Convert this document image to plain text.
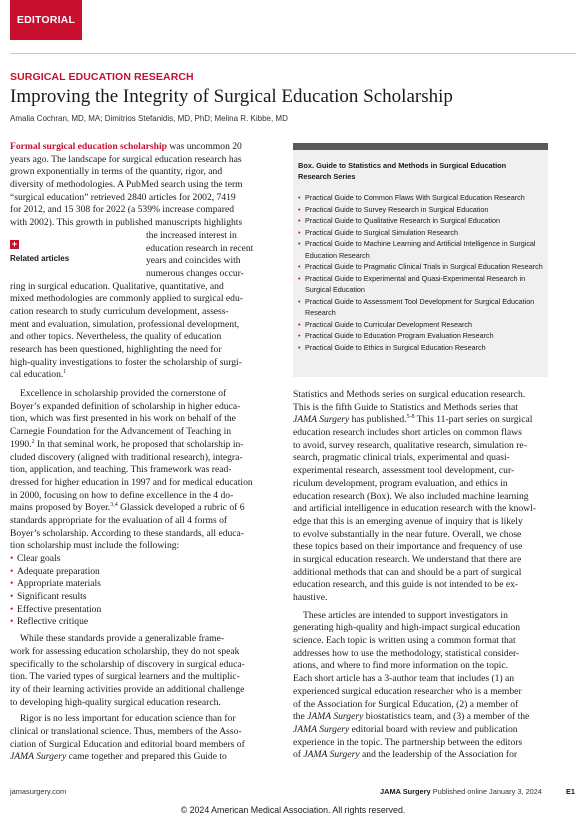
EDITORIAL
SURGICAL EDUCATION RESEARCH
Improving the Integrity of Surgical Education Scholarship
Amalia Cochran, MD, MA; Dimitrios Stefanidis, MD, PhD; Melina R. Kibbe, MD
Formal surgical education scholarship was uncommon 20
years ago. The landscape for surgical education research has
grown exponentially in terms of the quantity, rigor, and
diversity of methodologies. A PubMed search using the term
“surgical education” retrieved 2840 articles for 2002, 7419
for 2012, and 15 308 for 2022 (a 539% increase compared
with 2002). This growth in published manuscripts highlights
the increased interest in
education research in recent
years and coincides with
numerous changes occur-
ring in surgical education. Qualitative, quantitative, and
mixed methodologies are commonly applied to surgical edu-
cation research to study curriculum development, assess-
ment and evaluation, simulation, professional development,
and other topics. Nevertheless, the quality of education
research has been questioned, highlighting the need for
high-quality investigations to foster the scholarship of surgi-
cal education.$^1$
Excellence in scholarship provided the cornerstone of
Boyer’s expanded definition of scholarship in higher educa-
tion, which was first presented in his work on behalf of the
Carnegie Foundation for the Advancement of Teaching in
1990.$^2$ In that seminal work, he proposed that scholarship in-
cluded discovery (aligned with traditional research), integra-
tion, application, and teaching. This framework was read-
dressed for higher education in 1997 and for medical education
in 2000, focusing on how to define excellence in the 4 do-
mains proposed by Boyer.$^{3,4}$ Glassick developed a rubric of 6
standards appropriate for the evaluation of all 4 forms of
Boyer’s scholarship. According to these standards, all educa-
tion scholarship must include the following:
• Clear goals
• Adequate preparation
• Appropriate materials
• Significant results
• Effective presentation
• Reflective critique
While these standards provide a generalizable frame-
work for assessing education scholarship, they do not speak
specifically to the scholarship of discovery in surgical educa-
tion. The varied types of surgical learners and the multiplic-
ity of their learning activities provide an additional challenge
to developing high-quality surgical education research.
Rigor is no less important for education science than for
clinical or translational science. Thus, members of the Asso-
ciation of Surgical Education and editorial board members of
JAMA Surgery came together and prepared this Guide to
+
Related articles
Box. Guide to Statistics and Methods in Surgical Education Research Series
• Practical Guide to Common Flaws With Surgical Education Research
• Practical Guide to Survey Research in Surgical Education
• Practical Guide to Qualitative Research in Surgical Education
• Practical Guide to Surgical Simulation Research
• Practical Guide to Machine Learning and Artificial Intelligence in Surgical Education Research
• Practical Guide to Pragmatic Clinical Trials in Surgical Education Research
• Practical Guide to Experimental and Quasi-Experimental Research in Surgical Education
• Practical Guide to Assessment Tool Development for Surgical Education Research
• Practical Guide to Curricular Development Research
• Practical Guide to Education Program Evaluation Research
• Practical Guide to Ethics in Surgical Education Research
Statistics and Methods series on surgical education research.
This is the fifth Guide to Statistics and Methods series that
JAMA Surgery has published.$^{5-8}$ This 11-part series on surgical
education research includes short articles on common flaws
to avoid, survey research, qualitative research, simulation re-
search, pragmatic clinical trials, experimental and quasi-
experimental research, assessment tool development, cur-
riculum development, program evaluation, and ethics in
education research (Box). We also included machine learning
and artificial intelligence in education research with the knowl-
edge that this is an emerging avenue of inquiry that is likely
to evolve substantially in the near future. Overall, we chose
these topics based on their importance and frequency of use
in surgical education research. We understand that there are
additional methods that can and should be a part of surgical
education research, and this guide is not intended to be ex-
haustive.
These articles are intended to support investigators in
generating high-quality and high-impact surgical education
science. Each topic is written using a common format that
addresses how to use the methodology, statistical consider-
ations, and where to find more information on the topic.
Each short article has a 3-author team that includes (1) an
experienced surgical education researcher who is a member
of the Association for Surgical Education, (2) a member of
the JAMA Surgery biostatistics team, and (3) a member of the
JAMA Surgery editorial board with review and publication
experience in the topic. The partnership between the editors
of JAMA Surgery and the leadership of the Association for
jamasurgery.com	JAMA Surgery Published online January 3, 2024	E1
© 2024 American Medical Association. All rights reserved.
